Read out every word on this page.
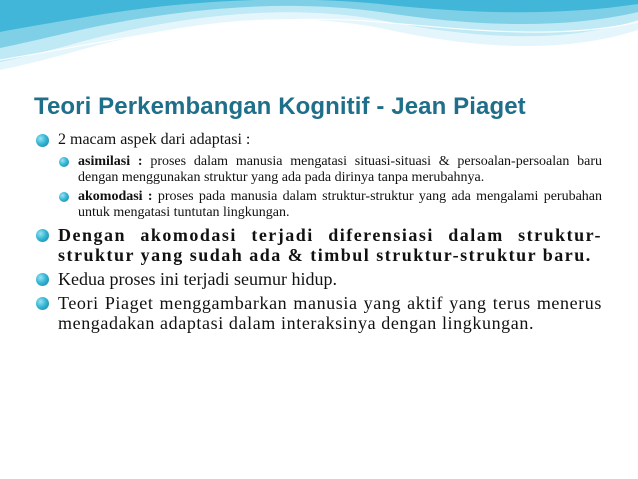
Teori Perkembangan Kognitif - Jean Piaget
2 macam aspek dari adaptasi :
asimilasi : proses dalam manusia mengatasi situasi-situasi & persoalan-persoalan baru dengan menggunakan struktur yang ada pada dirinya tanpa merubahnya.
akomodasi : proses pada manusia dalam struktur-struktur yang ada mengalami perubahan untuk mengatasi tuntutan lingkungan.
Dengan akomodasi terjadi diferensiasi dalam struktur-struktur yang sudah ada & timbul struktur-struktur baru.
Kedua proses ini terjadi seumur hidup.
Teori Piaget menggambarkan manusia yang aktif yang terus menerus mengadakan adaptasi dalam interaksinya dengan lingkungan.
